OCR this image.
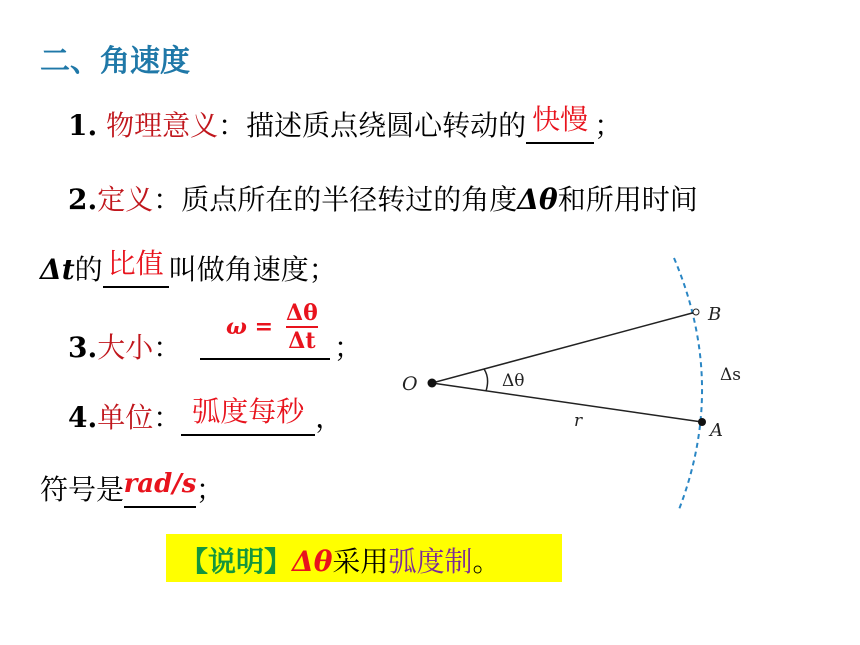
二、角速度
1. 物理意义：描述质点绕圆心转动的 快慢 ；
2.定义：质点所在的半径转过的角度Δθ和所用时间
Δt的 比值 叫做角速度；
3.大小：
$\omega = \frac{\Delta\theta}{\Delta t}$ ；
4.单位： 弧度每秒 ，
符号是 rad/s ；
【说明】Δθ采用弧度制。
O
B
A
r
Δθ	Δs
